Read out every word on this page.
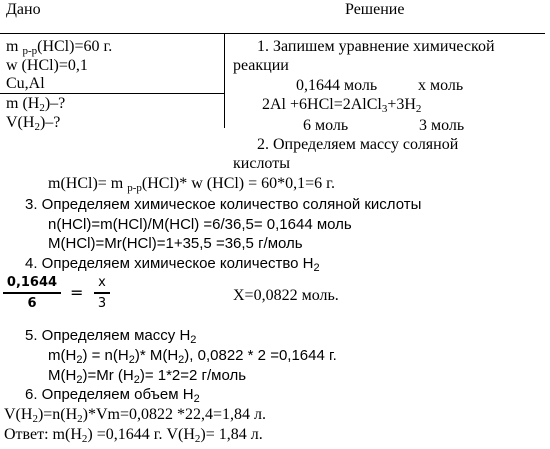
Дано	Решение
m $_{р-р}$(HCl)=60 г.
w (HCl)=0,1
Cu,Al
m $(H_2)-$?
$V(H_2)-$?
1. Запишем уравнение химической
реакции
0,1644 моль	х моль
$2Al +6HCl=2AlCl_3+3H_2$
6 моль	3 моль
2. Определяем массу соляной
кислоты
m(HCl)= m $_{р-р}$(HCl)* w (HCl) = 60*0,1=6 г.
3. Определяем химическое количество соляной кислоты
n(HCl)=m(HCl)/M(HCl) =6/36,5= 0,1644 моль
M(HCl)=Mr(HCl)=1+35,5 =36,5 г/моль
4. Определяем химическое количество $H_2$
0,1644
6
=
x
3	X=0,0822 моль.
5. Определяем массу $H_2$
$m(H_2) = n(H_2)*$ $M(H_2)$, 0,0822 * 2 =0,1644 г.
$M(H_2)=Mr$ $(H_2)= 1*2=2$ г/моль
6. Определяем объем $H_2$
$V(H_2)=n(H_2)*Vm=0,0822$ *22,4=1,84 л.
Ответ: $m(H_2) =0,1644$ г. $V(H_2)= 1,84$ л.
